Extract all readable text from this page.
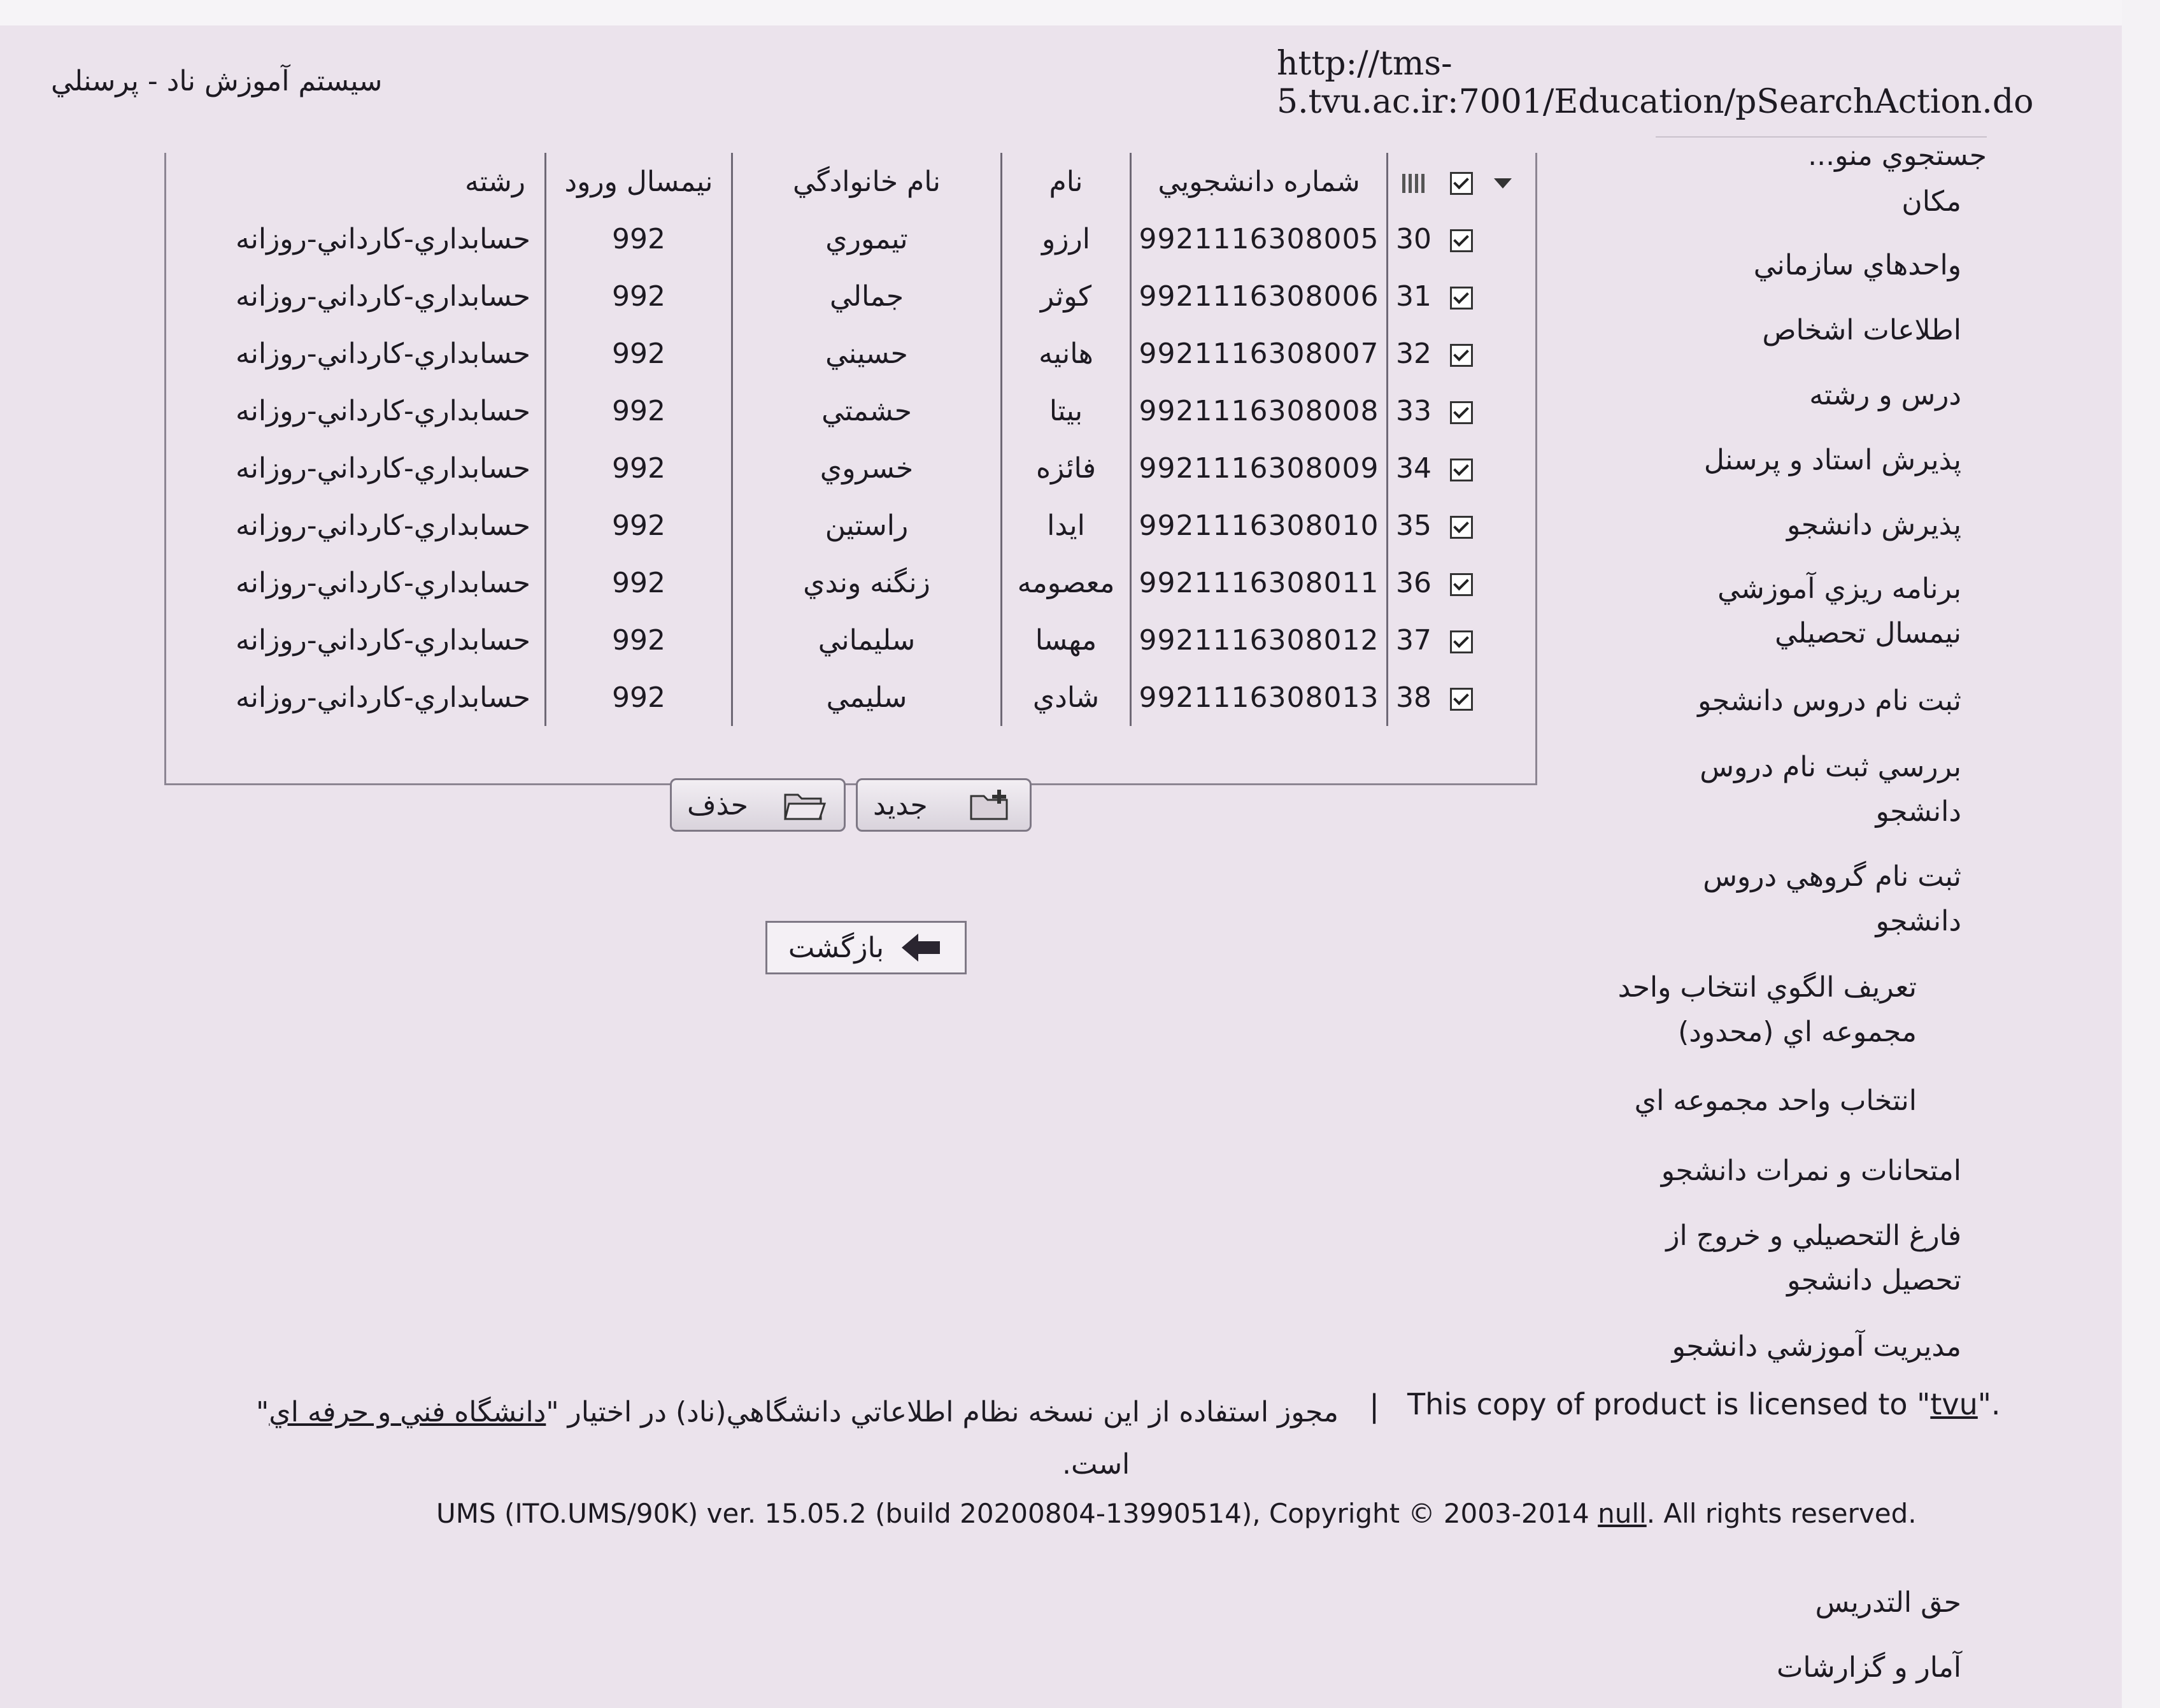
http://tms-5.tvu.ac.ir:7001/Education/pSearchAction.do
سیستم آموزش ناد - پرسنلي
جستجوي منو...
مكان
واحدهاي سازماني
اطلاعات اشخاص
درس و رشته
پذيرش استاد و پرسنل
پذيرش دانشجو
برنامه ريزي آموزشي نيمسال تحصيلي
ثبت نام دروس دانشجو
بررسي ثبت نام دروس دانشجو
ثبت نام گروهي دروس دانشجو
تعريف الگوي انتخاب واحد مجموعه اي (محدود)
انتخاب واحد مجموعه اي
امتحانات و نمرات دانشجو
فارغ التحصيلي و خروج از تحصيل دانشجو
مديريت آموزشي دانشجو
حق التدريس
آمار و گزارشات
			شماره دانشجويي	نام	نام خانوادگي	نيمسال ورود	رشته
		30	9921116308005	ارزو	تيموري	992	حسابداري-كارداني-روزانه
		31	9921116308006	كوثر	جمالي	992	حسابداري-كارداني-روزانه
		32	9921116308007	هانيه	حسيني	992	حسابداري-كارداني-روزانه
		33	9921116308008	بيتا	حشمتي	992	حسابداري-كارداني-روزانه
		34	9921116308009	فائزه	خسروي	992	حسابداري-كارداني-روزانه
		35	9921116308010	ايدا	راستين	992	حسابداري-كارداني-روزانه
		36	9921116308011	معصومه	زنگنه وندي	992	حسابداري-كارداني-روزانه
		37	9921116308012	مهسا	سليماني	992	حسابداري-كارداني-روزانه
		38	9921116308013	شادي	سليمي	992	حسابداري-كارداني-روزانه
جديد
حذف
بازگشت
This copy of product is licensed to "tvu".
|
مجوز استفاده از اين نسخه نظام اطلاعاتي دانشگاهي(ناد) در اختيار "دانشگاه فني و حرفه اي"
است.
UMS (ITO.UMS/90K) ver. 15.05.2 (build 20200804-13990514), Copyright © 2003-2014 null. All rights reserved.
